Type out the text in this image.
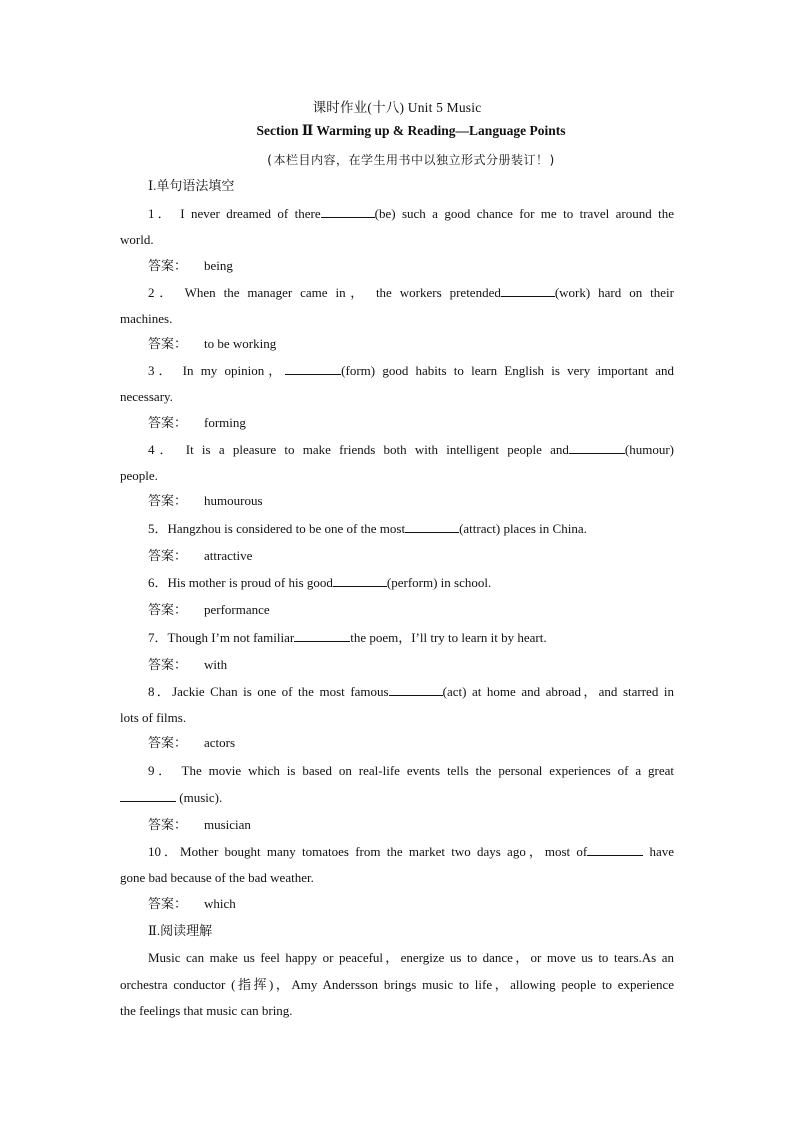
课时作业(十八) Unit 5 Music
Section Ⅱ Warming up & Reading—Language Points
(本栏目内容，在学生用书中以独立形式分册装订！)
Ⅰ.单句语法填空
1． I never dreamed of there	(be) such a good chance for me to travel around the
world.
答案： being
2． When the manager came in， the workers pretended	(work) hard on their
machines.
答案： to be working
3． In my opinion，	(form) good habits to learn English is very important and
necessary.
答案： forming
4． It is a pleasure to make friends both with intelligent people and	(humour)
people.
答案： humourous
5．Hangzhou is considered to be one of the most	(attract) places in China.
答案： attractive
6．His mother is proud of his good	(perform) in school.
答案： performance
7．Though I’m not familiar	the poem，I’ll try to learn it by heart.
答案： with
8．Jackie Chan is one of the most famous	(act) at home and abroad，and starred in
lots of films.
答案： actors
9． The movie which is based on real-life events tells the personal experiences of a great
(music).
答案： musician
10．Mother bought many tomatoes from the market two days ago，most of	have
gone bad because of the bad weather.
答案： which
Ⅱ.阅读理解
Music can make us feel happy or peaceful，energize us to dance，or move us to tears.As an
orchestra conductor (指挥)，Amy Andersson brings music to life，allowing people to experience
the feelings that music can bring.
